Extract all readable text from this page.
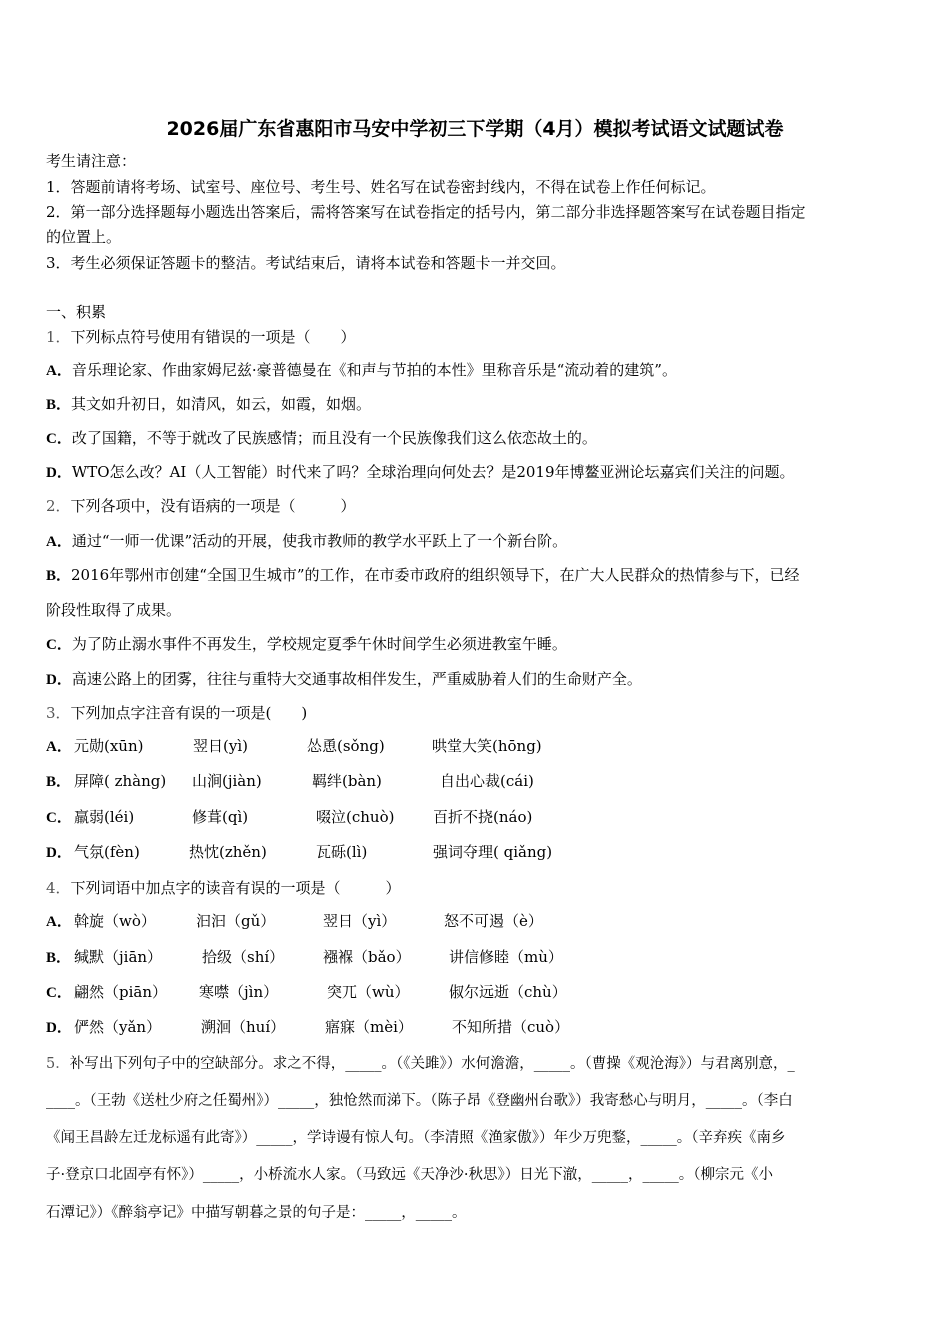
2026届广东省惠阳市马安中学初三下学期（4月）模拟考试语文试题试卷
考生请注意：
1．答题前请将考场、试室号、座位号、考生号、姓名写在试卷密封线内，不得在试卷上作任何标记。
2．第一部分选择题每小题选出答案后，需将答案写在试卷指定的括号内，第二部分非选择题答案写在试卷题目指定
的位置上。
3．考生必须保证答题卡的整洁。考试结束后，请将本试卷和答题卡一并交回。
一、积累
1．下列标点符号使用有错误的一项是（　　）
A．音乐理论家、作曲家姆尼兹·豪普德曼在《和声与节拍的本性》里称音乐是“流动着的建筑”。
B．其文如升初日，如清风，如云，如霞，如烟。
C．改了国籍，不等于就改了民族感情；而且没有一个民族像我们这么依恋故土的。
D．WTO怎么改？AI（人工智能）时代来了吗？全球治理向何处去？是2019年博鳌亚洲论坛嘉宾们关注的问题。
2．下列各项中，没有语病的一项是（　　　）
A．通过“一师一优课”活动的开展，使我市教师的教学水平跃上了一个新台阶。
B．2016年鄂州市创建“全国卫生城市”的工作，在市委市政府的组织领导下，在广大人民群众的热情参与下，已经
阶段性取得了成果。
C．为了防止溺水事件不再发生，学校规定夏季午休时间学生必须进教室午睡。
D．高速公路上的团雾，往往与重特大交通事故相伴发生，严重威胁着人们的生命财产全。
3．下列加点字注音有误的一项是(　　)
A． 元勋(xūn)	翌日(yì)	怂恿(sǒng)	哄堂大笑(hōng)
B． 屏障( zhàng) 山涧(jiàn)	羁绊(bàn)	自出心裁(cái)
C． 羸弱(léi)	修葺(qì)	啜泣(chuò)	百折不挠(náo)
D． 气氛(fèn)	热忱(zhěn)	瓦砾(lì)	强词夺理( qiǎng)
4．下列词语中加点字的读音有误的一项是（　　　）
A． 斡旋（wò）	汩汩（gǔ）	翌日（yì）	怒不可遏（è）
B． 缄默（jiān）	拾级（shí）	襁褓（bǎo）	讲信修睦（mù）
C． 翩然（piān） 寒噤（jìn）	突兀（wù）	俶尔远逝（chù）
D． 俨然（yǎn）	溯洄（huí）	寤寐（mèi）	不知所措（cuò）
5．补写出下列句子中的空缺部分。求之不得，_____。（《关雎》）水何澹澹，_____。（曹操《观沧海》）与君离别意，_
____。（王勃《送杜少府之任蜀州》）_____，独怆然而涕下。（陈子昂《登幽州台歌》）我寄愁心与明月，_____。（李白
《闻王昌龄左迁龙标遥有此寄》）_____，学诗谩有惊人句。（李清照《渔家傲》）年少万兜鍪，_____。（辛弃疾《南乡
子·登京口北固亭有怀》）_____，小桥流水人家。（马致远《天净沙·秋思》）日光下澈，_____，_____。（柳宗元《小
石潭记》）《醉翁亭记》中描写朝暮之景的句子是：_____，_____。
